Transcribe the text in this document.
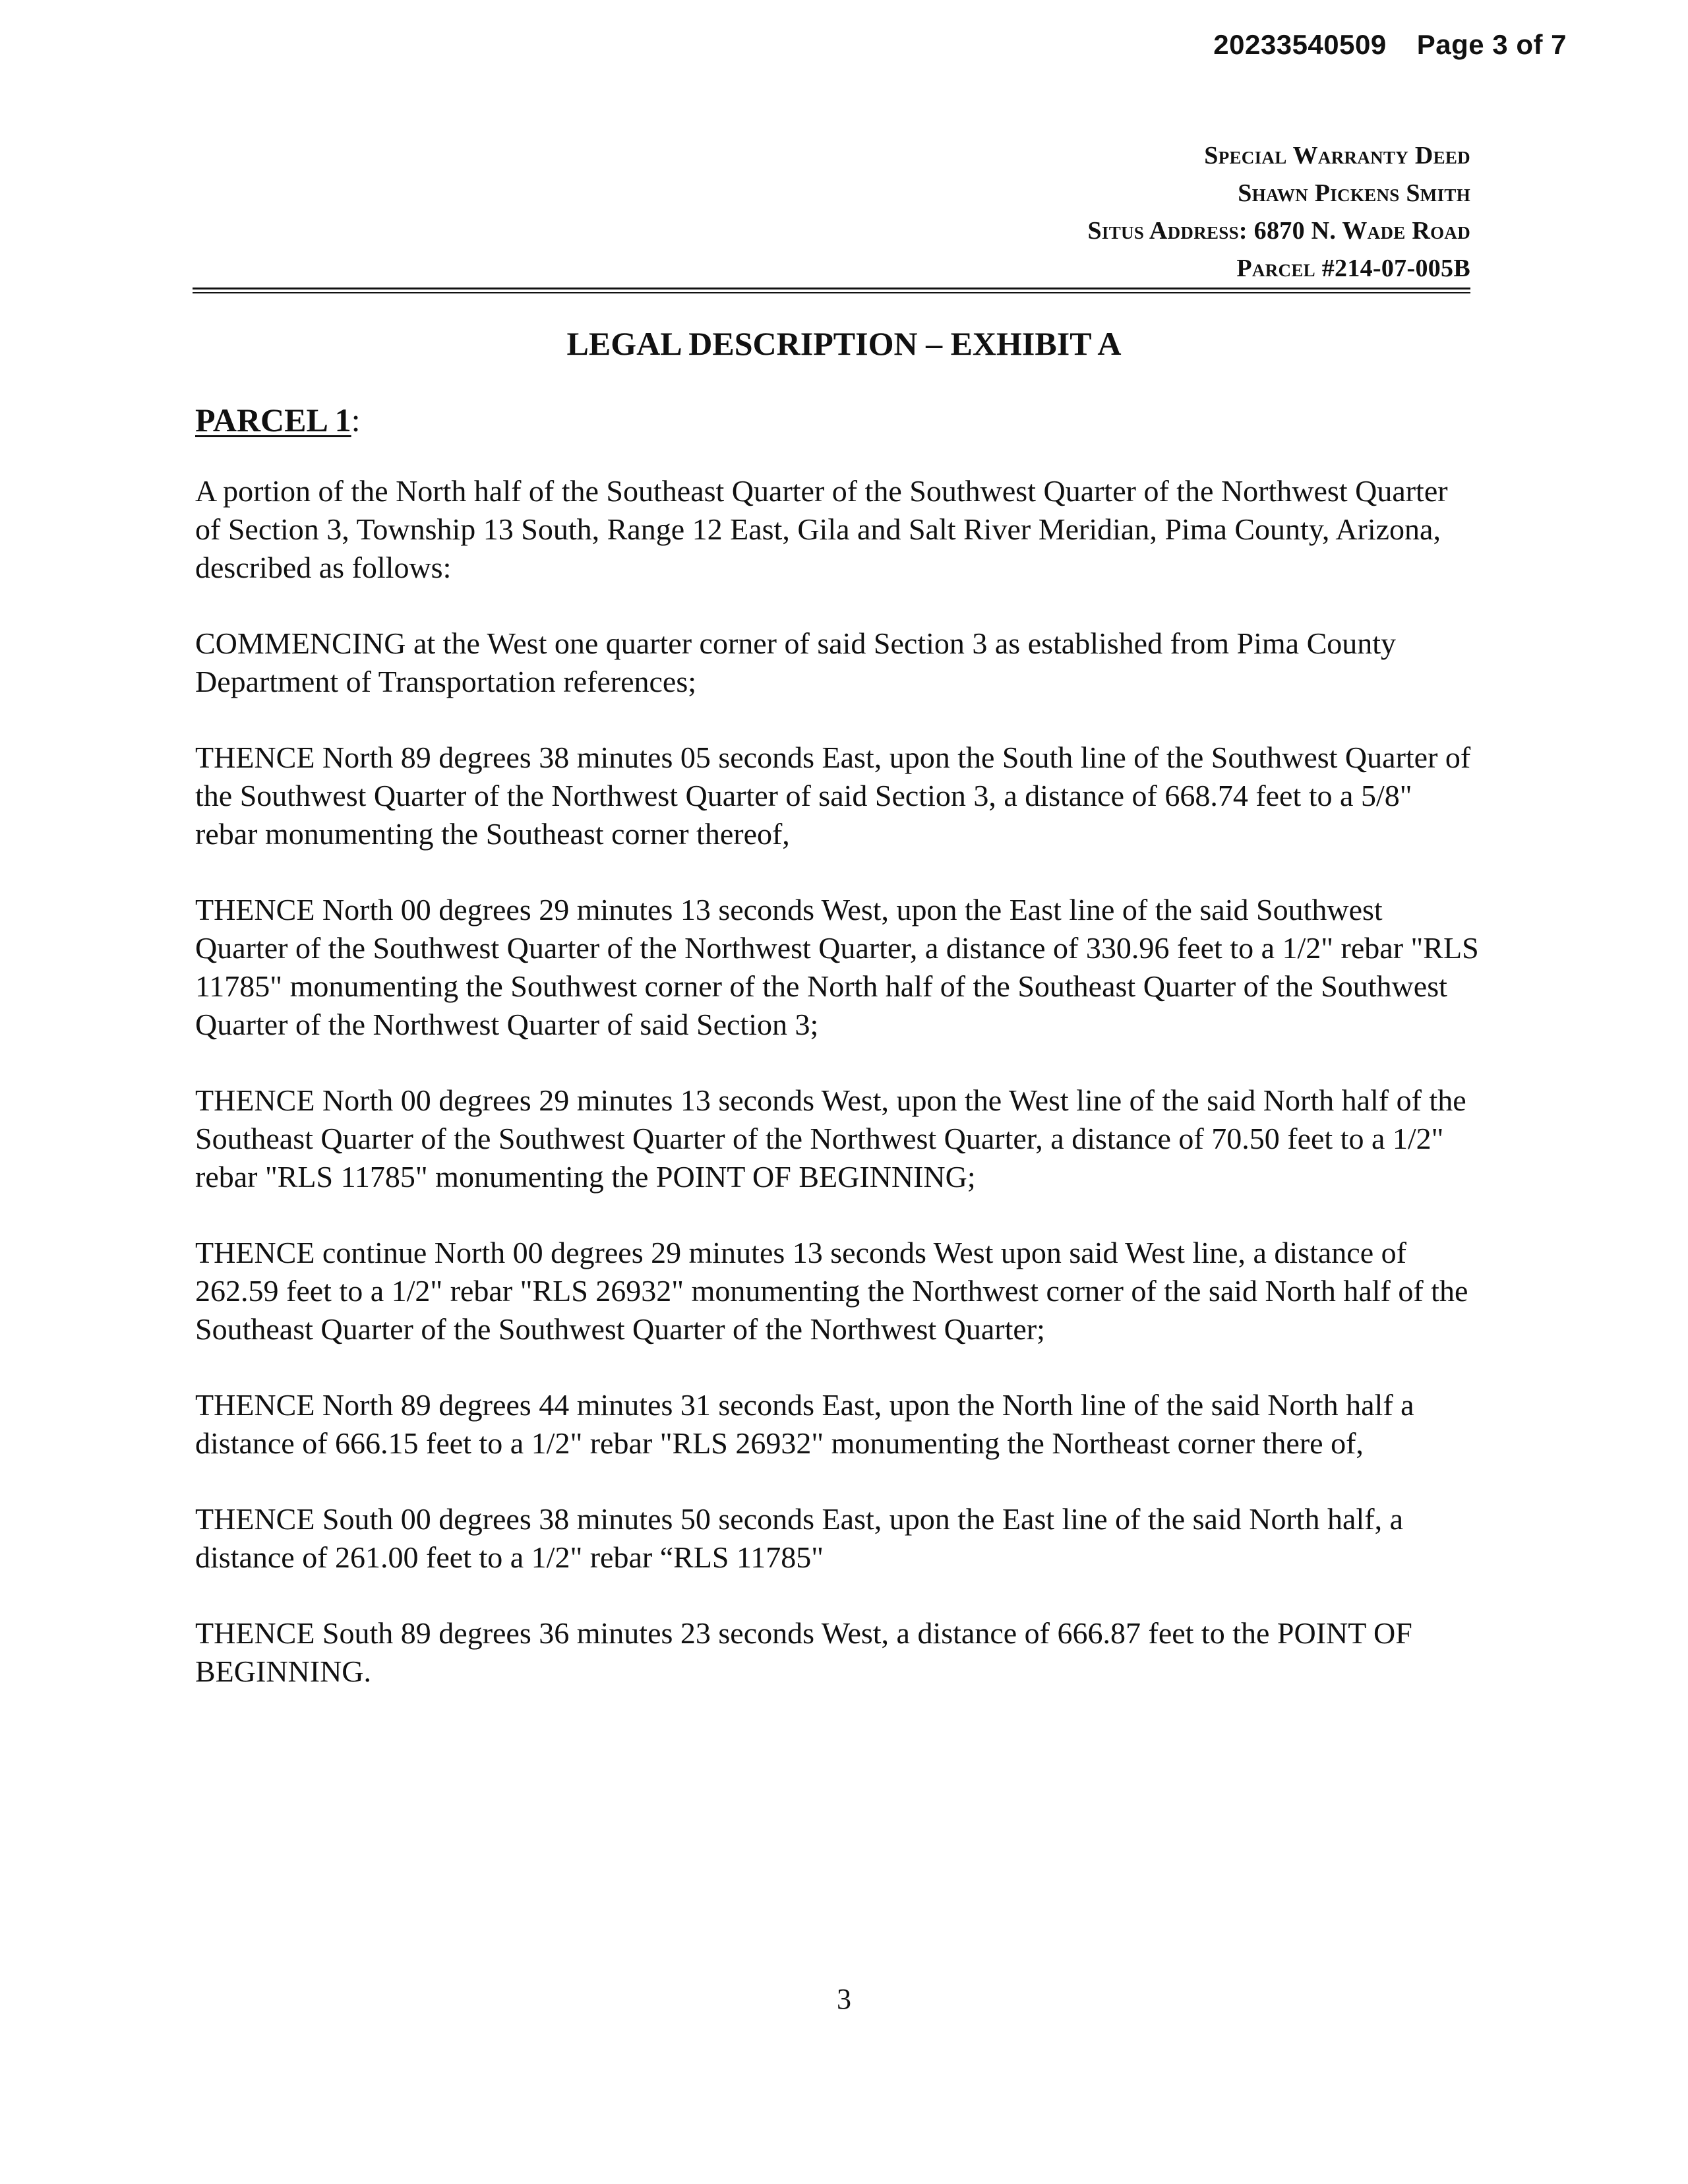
20233540509 Page 3 of 7
Special Warranty Deed
Shawn Pickens Smith
Situs Address: 6870 N. Wade Road
Parcel #214-07-005B
LEGAL DESCRIPTION – EXHIBIT A
PARCEL 1:

A portion of the North half of the Southeast Quarter of the Southwest Quarter of the Northwest Quarter of Section 3, Township 13 South, Range 12 East, Gila and Salt River Meridian, Pima County, Arizona, described as follows:

COMMENCING at the West one quarter corner of said Section 3 as established from Pima County Department of Transportation references;

THENCE North 89 degrees 38 minutes 05 seconds East, upon the South line of the Southwest Quarter of the Southwest Quarter of the Northwest Quarter of said Section 3, a distance of 668.74 feet to a 5/8" rebar monumenting the Southeast corner thereof,

THENCE North 00 degrees 29 minutes 13 seconds West, upon the East line of the said Southwest Quarter of the Southwest Quarter of the Northwest Quarter, a distance of 330.96 feet to a 1/2" rebar "RLS 11785" monumenting the Southwest corner of the North half of the Southeast Quarter of the Southwest Quarter of the Northwest Quarter of said Section 3;

THENCE North 00 degrees 29 minutes 13 seconds West, upon the West line of the said North half of the Southeast Quarter of the Southwest Quarter of the Northwest Quarter, a distance of 70.50 feet to a 1/2" rebar "RLS 11785" monumenting the POINT OF BEGINNING;

THENCE continue North 00 degrees 29 minutes 13 seconds West upon said West line, a distance of 262.59 feet to a 1/2" rebar "RLS 26932" monumenting the Northwest corner of the said North half of the Southeast Quarter of the Southwest Quarter of the Northwest Quarter;

THENCE North 89 degrees 44 minutes 31 seconds East, upon the North line of the said North half a distance of 666.15 feet to a 1/2" rebar "RLS 26932" monumenting the Northeast corner there of,

THENCE South 00 degrees 38 minutes 50 seconds East, upon the East line of the said North half, a distance of 261.00 feet to a 1/2" rebar “RLS 11785"

THENCE South 89 degrees 36 minutes 23 seconds West, a distance of 666.87 feet to the POINT OF BEGINNING.

3
